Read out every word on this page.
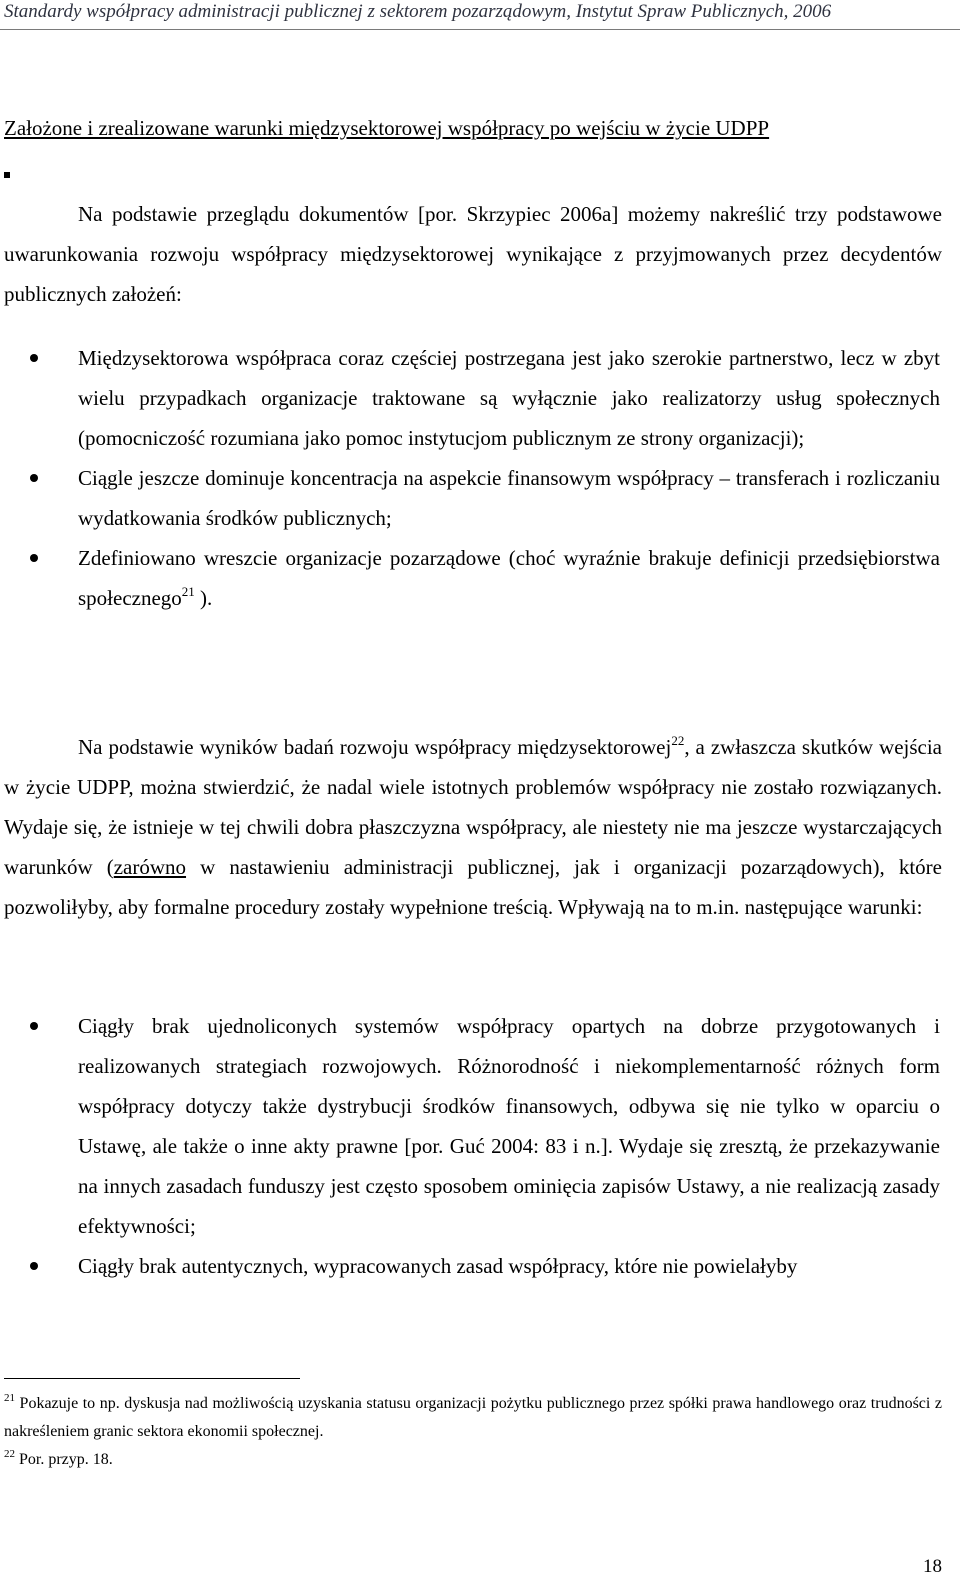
Standardy współpracy administracji publicznej z sektorem pozarządowym, Instytut Spraw Publicznych, 2006
Założone i zrealizowane warunki międzysektorowej współpracy po wejściu w życie UDPP

Na podstawie przeglądu dokumentów [por. Skrzypiec 2006a] możemy nakreślić trzy podstawowe uwarunkowania rozwoju współpracy międzysektorowej wynikające z przyjmowanych przez decydentów publicznych założeń:

Międzysektorowa współpraca coraz częściej postrzegana jest jako szerokie partnerstwo, lecz w zbyt wielu przypadkach organizacje traktowane są wyłącznie jako realizatorzy usług społecznych (pomocniczość rozumiana jako pomoc instytucjom publicznym ze strony organizacji);
Ciągle jeszcze dominuje koncentracja na aspekcie finansowym współpracy – transferach i rozliczaniu wydatkowania środków publicznych;
Zdefiniowano wreszcie organizacje pozarządowe (choć wyraźnie brakuje definicji przedsiębiorstwa społecznego$^{21}$ ).

Na podstawie wyników badań rozwoju współpracy międzysektorowej$^{22}$, a zwłaszcza skutków wejścia w życie UDPP, można stwierdzić, że nadal wiele istotnych problemów współpracy nie zostało rozwiązanych. Wydaje się, że istnieje w tej chwili dobra płaszczyzna współpracy, ale niestety nie ma jeszcze wystarczających warunków (zarówno w nastawieniu administracji publicznej, jak i organizacji pozarządowych), które pozwoliłyby, aby formalne procedury zostały wypełnione treścią. Wpływają na to m.in. następujące warunki:

Ciągły brak ujednoliconych systemów współpracy opartych na dobrze przygotowanych i realizowanych strategiach rozwojowych. Różnorodność i niekomplementarność różnych form współpracy dotyczy także dystrybucji środków finansowych, odbywa się nie tylko w oparciu o Ustawę, ale także o inne akty prawne [por. Guć 2004: 83 i n.]. Wydaje się zresztą, że przekazywanie na innych zasadach funduszy jest często sposobem ominięcia zapisów Ustawy, a nie realizacją zasady efektywności;
Ciągły brak autentycznych, wypracowanych zasad współpracy, które nie powielałyby

$^{21}$ Pokazuje to np. dyskusja nad możliwością uzyskania statusu organizacji pożytku publicznego przez spółki prawa handlowego oraz trudności z nakreśleniem granic sektora ekonomii społecznej.

$^{22}$ Por. przyp. 18.

18
